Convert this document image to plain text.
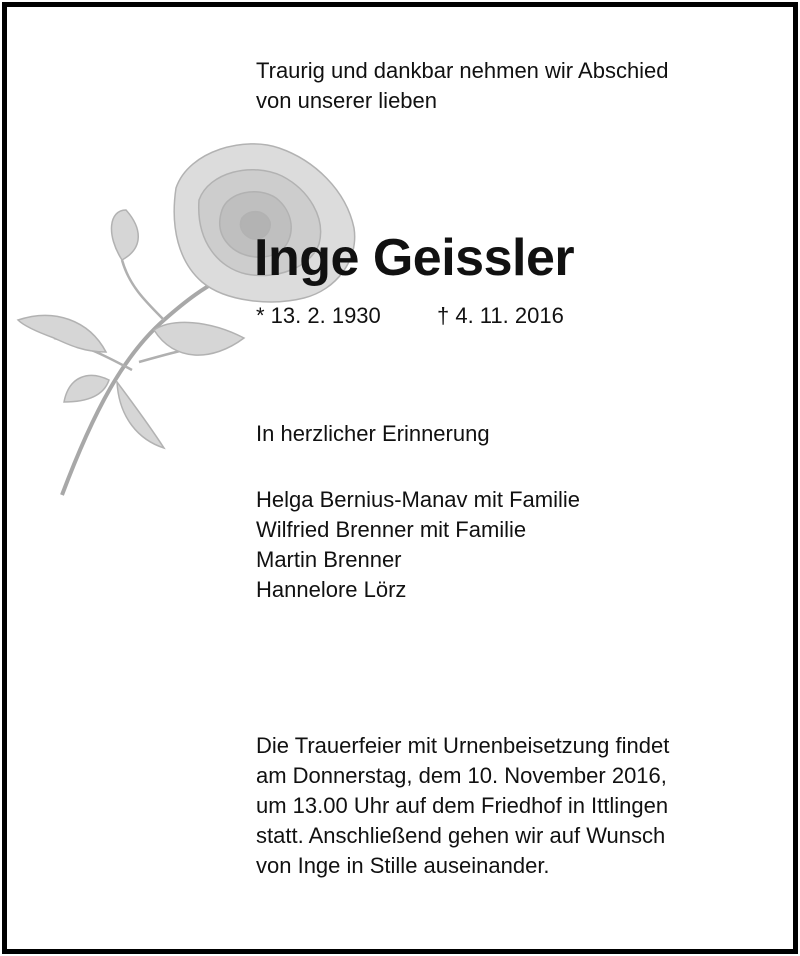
Traurig und dankbar nehmen wir Abschied
von unserer lieben
Inge Geissler
* 13. 2. 1930	† 4. 11. 2016
In herzlicher Erinnerung
Helga Bernius-Manav mit Familie
Wilfried Brenner mit Familie
Martin Brenner
Hannelore Lörz
Die Trauerfeier mit Urnenbeisetzung findet
am Donnerstag, dem 10. November 2016,
um 13.00 Uhr auf dem Friedhof in Ittlingen
statt. Anschließend gehen wir auf Wunsch
von Inge in Stille auseinander.
